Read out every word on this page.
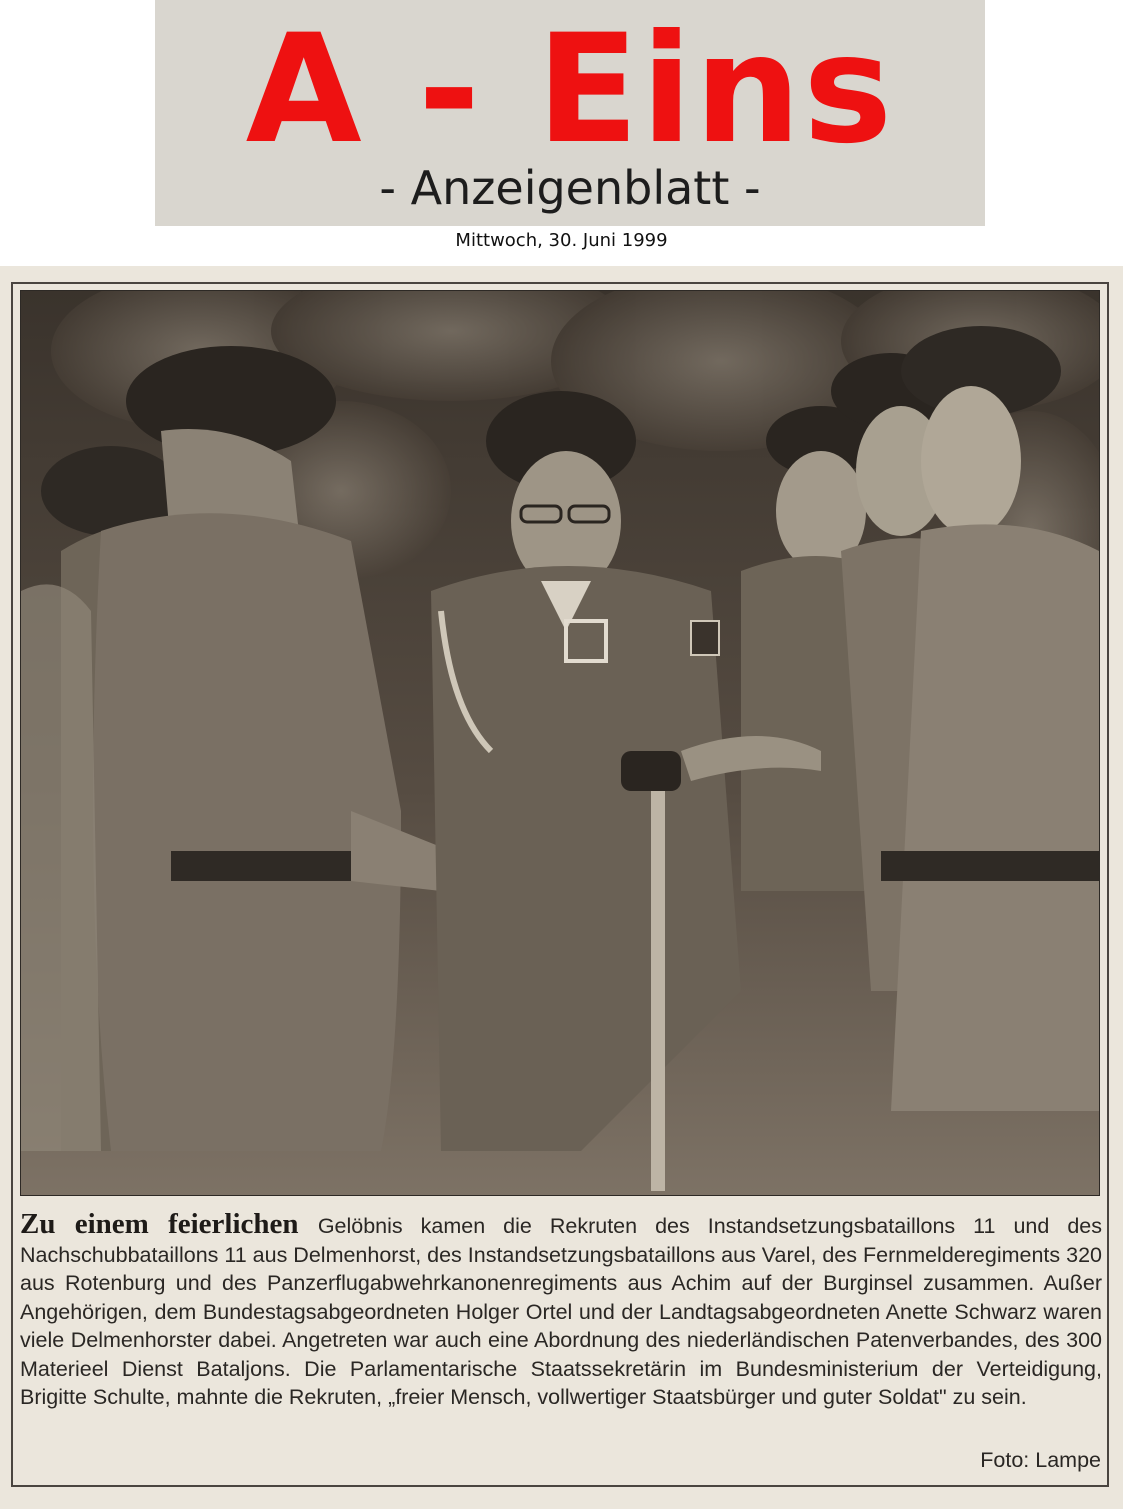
A - Eins
- Anzeigenblatt -
Mittwoch, 30. Juni 1999
Zu einem feierlichen Gelöbnis kamen die Rekruten des Instandsetzungsbataillons 11 und des Nachschubbataillons 11 aus Delmenhorst, des Instandsetzungsbataillons aus Varel, des Fernmelderegiments 320 aus Rotenburg und des Panzerflugabwehrkanonenregiments aus Achim auf der Burginsel zusammen. Außer Angehörigen, dem Bundestagsabgeordneten Holger Ortel und der Landtagsabgeordneten Anette Schwarz waren viele Delmenhorster dabei. Angetreten war auch eine Abordnung des niederländischen Patenverbandes, des 300 Materieel Dienst Bataljons. Die Parlamentarische Staatssekretärin im Bundesministerium der Verteidigung, Brigitte Schulte, mahnte die Rekruten, „freier Mensch, vollwertiger Staatsbürger und guter Soldat" zu sein.
Foto: Lampe
